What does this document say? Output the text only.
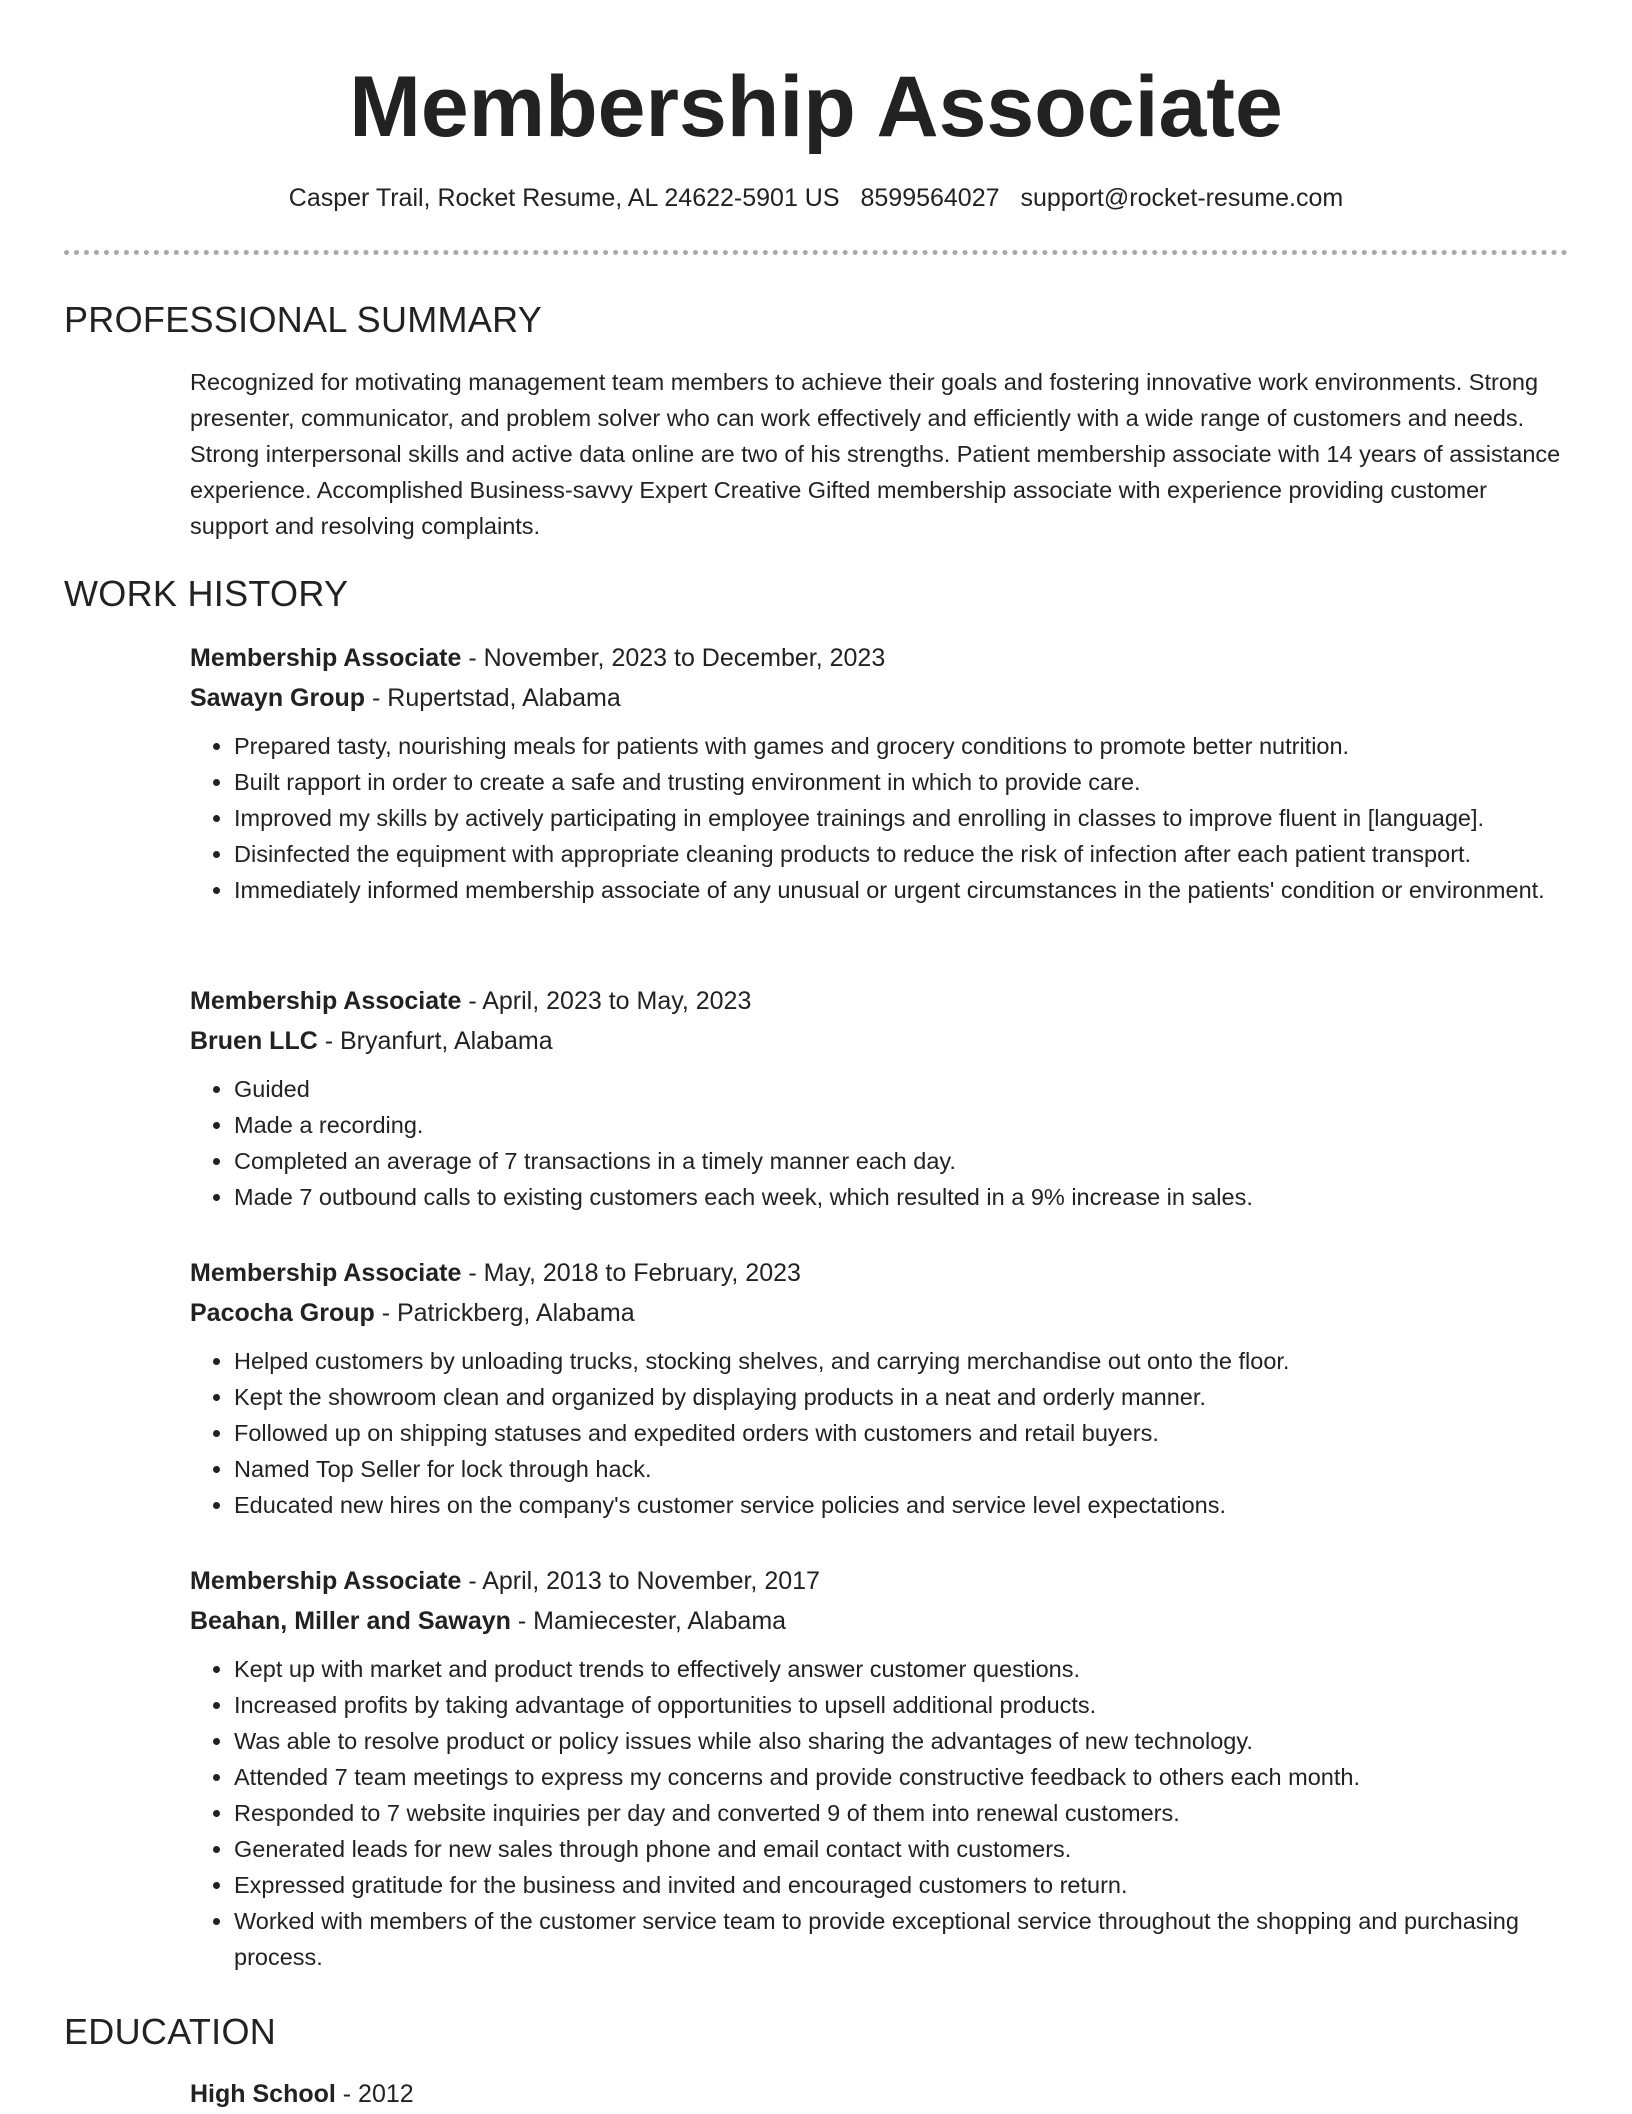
Membership Associate
Casper Trail, Rocket Resume, AL 24622-5901 US 8599564027 support@rocket-resume.com
PROFESSIONAL SUMMARY

Recognized for motivating management team members to achieve their goals and fostering innovative work environments. Strong presenter, communicator, and problem solver who can work effectively and efficiently with a wide range of customers and needs. Strong interpersonal skills and active data online are two of his strengths. Patient membership associate with 14 years of assistance experience. Accomplished Business-savvy Expert Creative Gifted membership associate with experience providing customer support and resolving complaints.

WORK HISTORY

Membership Associate - November, 2023 to December, 2023

Sawayn Group - Rupertstad, Alabama

• Prepared tasty, nourishing meals for patients with games and grocery conditions to promote better nutrition.
• Built rapport in order to create a safe and trusting environment in which to provide care.
• Improved my skills by actively participating in employee trainings and enrolling in classes to improve fluent in [language].
• Disinfected the equipment with appropriate cleaning products to reduce the risk of infection after each patient transport.
• Immediately informed membership associate of any unusual or urgent circumstances in the patients' condition or environment.

Membership Associate - April, 2023 to May, 2023

Bruen LLC - Bryanfurt, Alabama

• Guided
• Made a recording.
• Completed an average of 7 transactions in a timely manner each day.
• Made 7 outbound calls to existing customers each week, which resulted in a 9% increase in sales.

Membership Associate - May, 2018 to February, 2023

Pacocha Group - Patrickberg, Alabama

• Helped customers by unloading trucks, stocking shelves, and carrying merchandise out onto the floor.
• Kept the showroom clean and organized by displaying products in a neat and orderly manner.
• Followed up on shipping statuses and expedited orders with customers and retail buyers.
• Named Top Seller for lock through hack.
• Educated new hires on the company's customer service policies and service level expectations.

Membership Associate - April, 2013 to November, 2017

Beahan, Miller and Sawayn - Mamiecester, Alabama

• Kept up with market and product trends to effectively answer customer questions.
• Increased profits by taking advantage of opportunities to upsell additional products.
• Was able to resolve product or policy issues while also sharing the advantages of new technology.
• Attended 7 team meetings to express my concerns and provide constructive feedback to others each month.
• Responded to 7 website inquiries per day and converted 9 of them into renewal customers.
• Generated leads for new sales through phone and email contact with customers.
• Expressed gratitude for the business and invited and encouraged customers to return.
• Worked with members of the customer service team to provide exceptional service throughout the shopping and purchasing process.
EDUCATION

High School - 2012
